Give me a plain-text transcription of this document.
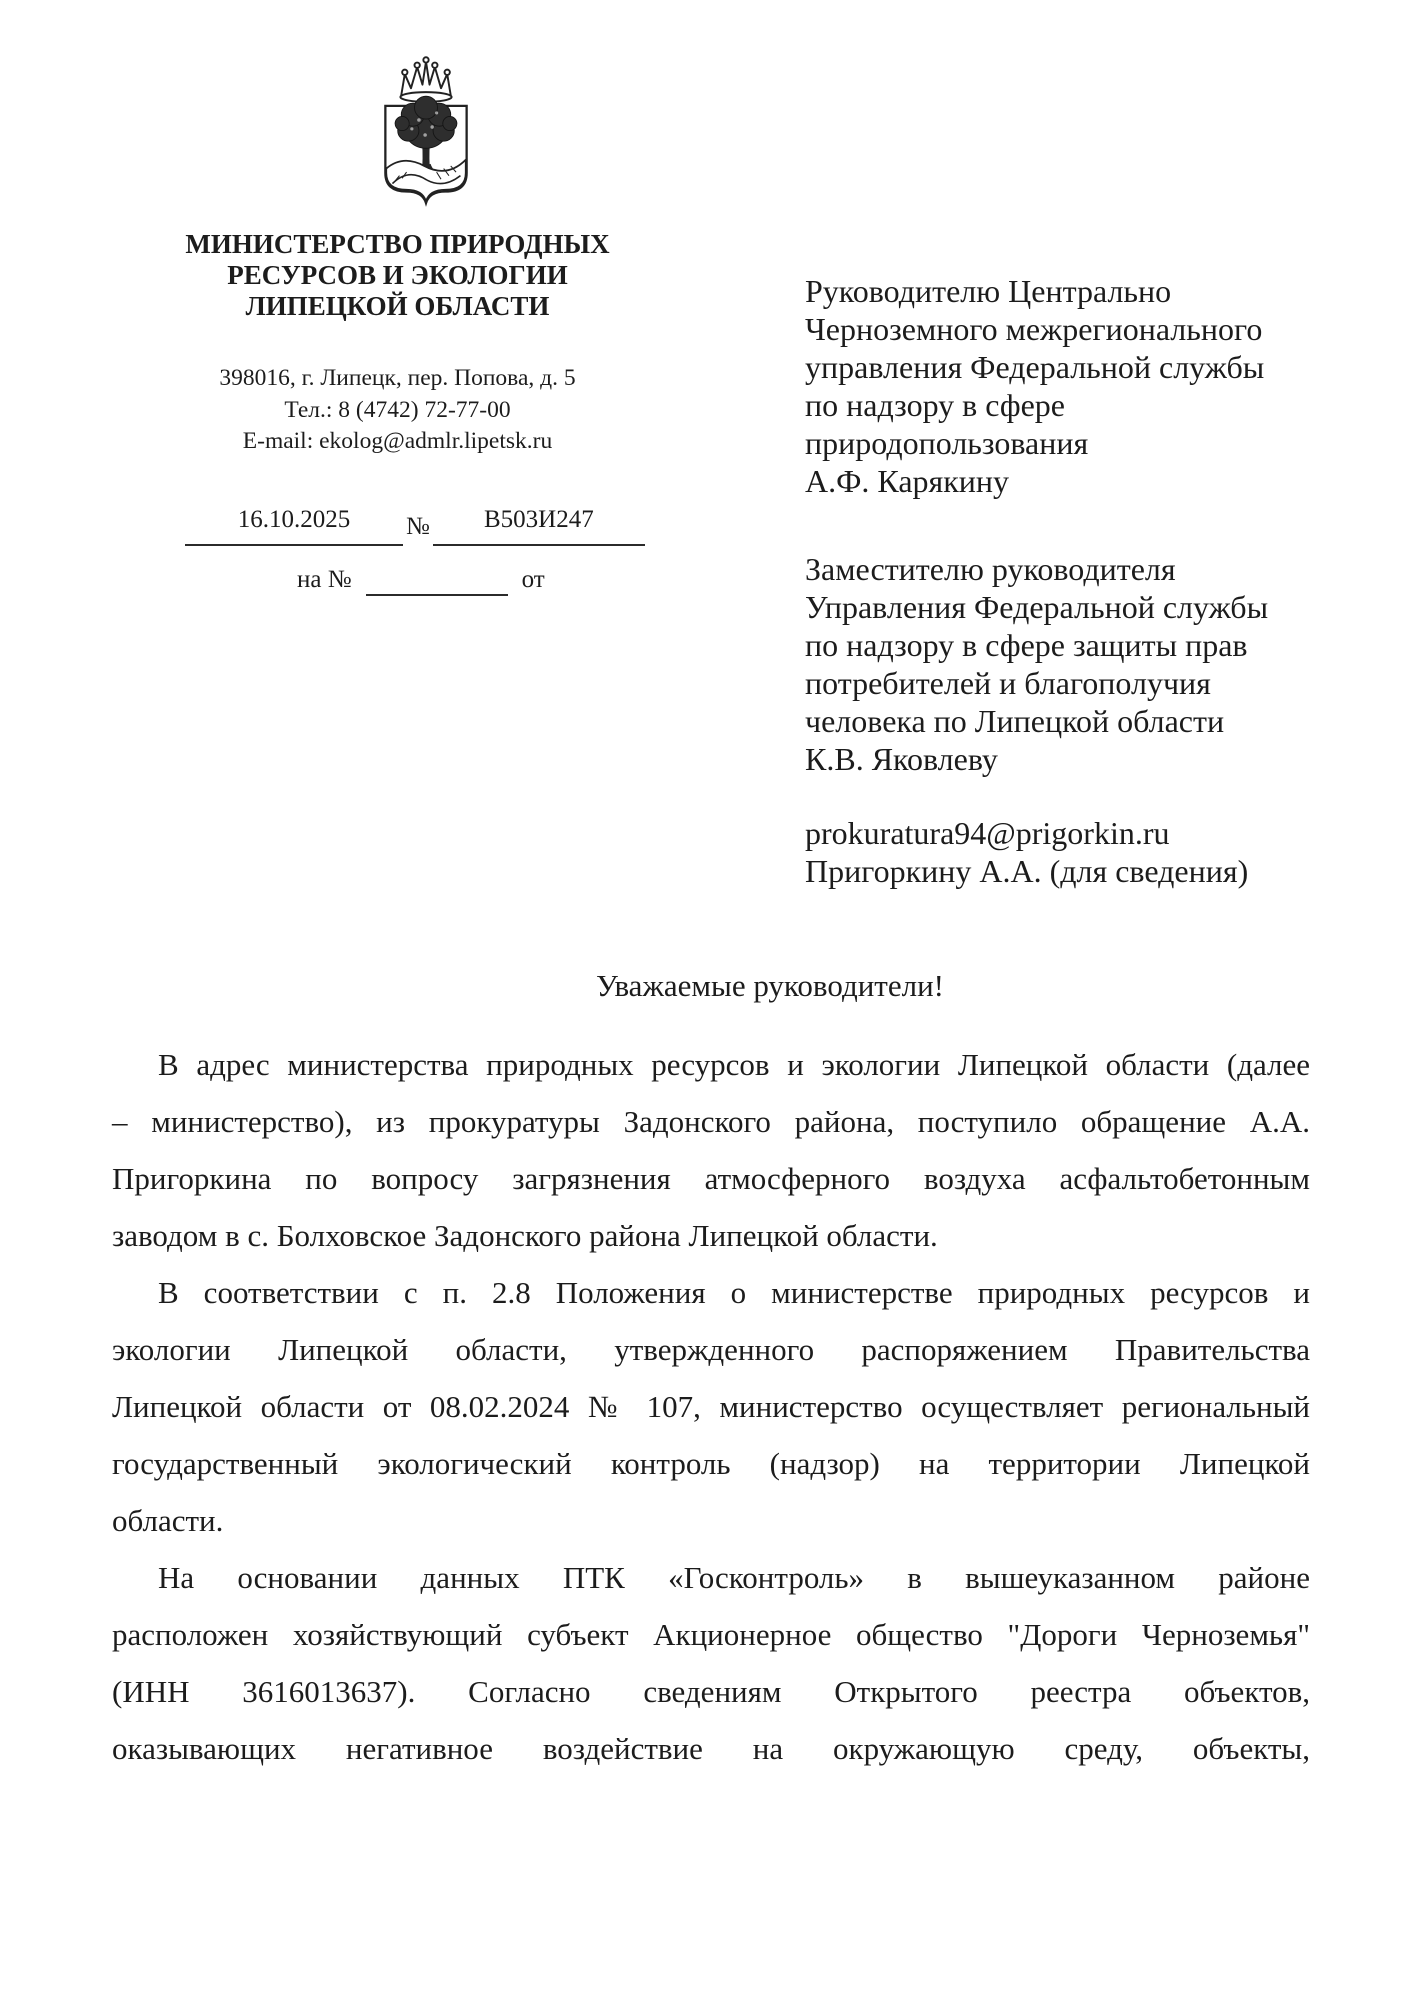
МИНИСТЕРСТВО ПРИРОДНЫХ
РЕСУРСОВ И ЭКОЛОГИИ
ЛИПЕЦКОЙ ОБЛАСТИ
398016, г. Липецк, пер. Попова, д. 5
Тел.: 8 (4742) 72-77-00
E-mail: ekolog@admlr.lipetsk.ru
16.10.2025 № В503И247
на №	от
Руководителю Центрально
Черноземного межрегионального
управления Федеральной службы
по надзору в сфере
природопользования
А.Ф. Карякину
Заместителю руководителя
Управления Федеральной службы
по надзору в сфере защиты прав
потребителей и благополучия
человека по Липецкой области
К.В. Яковлеву
prokuratura94@prigorkin.ru
Пригоркину А.А. (для сведения)
Уважаемые руководители!

В адрес министерства природных ресурсов и экологии Липецкой области (далее
– министерство), из прокуратуры Задонского района, поступило обращение А.А.
Пригоркина по вопросу загрязнения атмосферного воздуха асфальтобетонным
заводом в с. Болховское Задонского района Липецкой области.

В соответствии с п. 2.8 Положения о министерстве природных ресурсов и
экологии Липецкой области, утвержденного распоряжением Правительства
Липецкой области от 08.02.2024 № 107, министерство осуществляет региональный
государственный экологический контроль (надзор) на территории Липецкой
области.

На основании данных ПТК «Госконтроль» в вышеуказанном районе
расположен хозяйствующий субъект Акционерное общество "Дороги Черноземья"
(ИНН 3616013637). Согласно сведениям Открытого реестра объектов,
оказывающих негативное воздействие на окружающую среду, объекты,
